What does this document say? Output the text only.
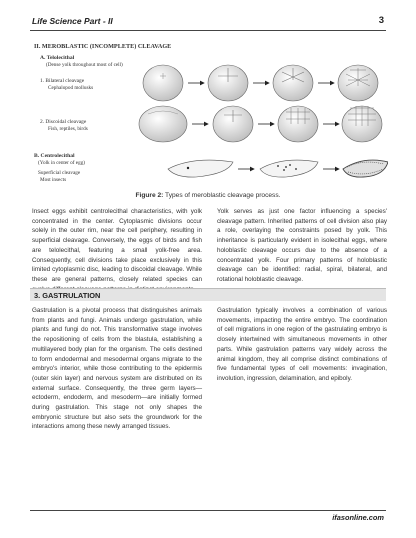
Life Science Part - II	3
II. MEROBLASTIC (INCOMPLETE) CLEAVAGE
A. Telolecithal
(Dense yolk throughout most of cell)
1. Bilateral cleavage
Cephalopod mollusks
2. Discoidal cleavage
Fish, reptiles, birds
B. Centrolecithal
(Yolk in center of egg)
Superficial cleavage
Most insects
Figure 2: Types of meroblastic cleavage process.

Insect eggs exhibit centrolecithal characteristics, with yolk concentrated in the center. Cytoplasmic divisions occur solely in the outer rim, near the cell periphery, resulting in superficial cleavage. Conversely, the eggs of birds and fish are telolecithal, featuring a small yolk-free area. Consequently, cell divisions take place exclusively in this limited cytoplasmic disc, leading to discoidal cleavage. While these are general patterns, closely related species can

Yolk serves as just one factor influencing a species' cleavage pattern. Inherited patterns of cell division also play a role, overlaying the constraints posed by yolk. This inheritance is particularly evident in isolecithal eggs, where holoblastic cleavage occurs due to the absence of a concentrated yolk. Four primary patterns of holoblastic cleavage can be identified: radial, spiral, bilateral, and rotational holoblastic cleavage.

3. GASTRULATION

Gastrulation is a pivotal process that distinguishes animals from plants and fungi. Animals undergo gastrulation, while plants and fungi do not. This transformative stage involves the repositioning of cells from the blastula, establishing a multilayered body plan for the organism. The cells destined to form endodermal and mesodermal organs migrate to the embryo's interior, while those contributing to the epidermis (outer skin layer) and nervous system are distributed on its external surface. Consequently, the three germ layers—ectoderm, endoderm, and mesoderm—are initially formed during gastrulation. This stage not only shapes the embryonic structure but also sets the groundwork for the interactions among these newly arranged tissues.

Gastrulation typically involves a combination of various movements, impacting the entire embryo. The coordination of cell migrations in one region of the gastrulating embryo is closely intertwined with simultaneous movements in other parts. While gastrulation patterns vary widely across the animal kingdom, they all comprise distinct combinations of five fundamental types of cell movements: invagination, involution, ingression, delamination, and epiboly.

ifasonline.com
